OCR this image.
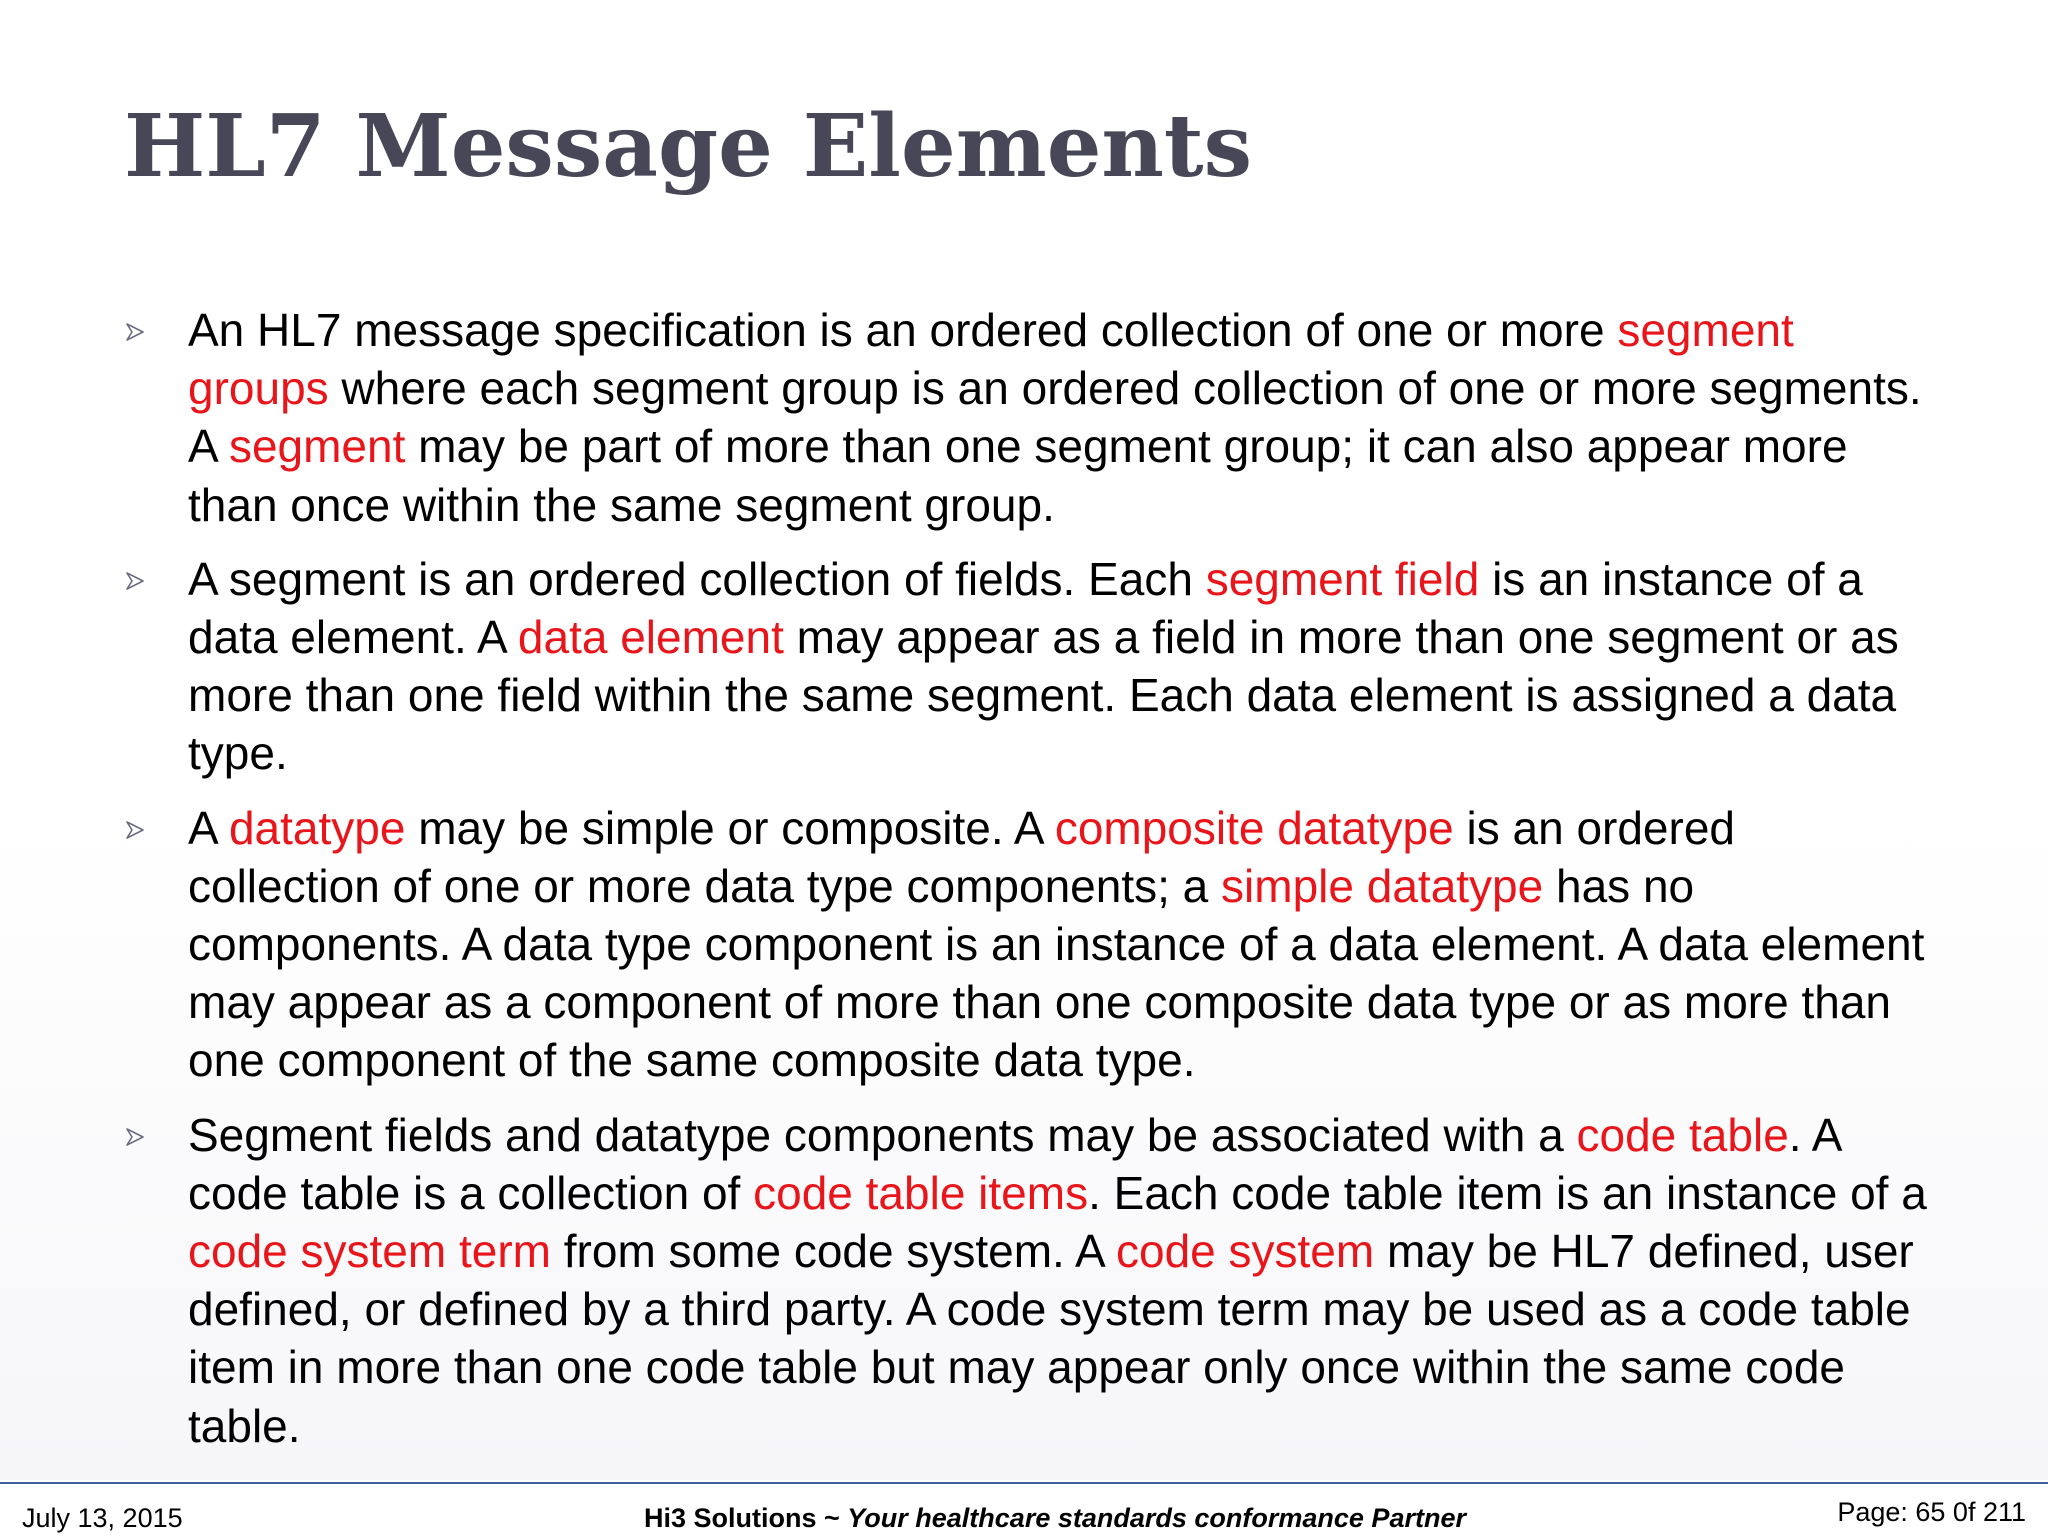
HL7 Message Elements
An HL7 message specification is an ordered collection of one or more segment groups where each segment group is an ordered collection of one or more segments. A segment may be part of more than one segment group; it can also appear more than once within the same segment group.
A segment is an ordered collection of fields. Each segment field is an instance of a data element. A data element may appear as a field in more than one segment or as more than one field within the same segment. Each data element is assigned a data type.
A datatype may be simple or composite. A composite datatype is an ordered collection of one or more data type components; a simple datatype has no components. A data type component is an instance of a data element. A data element may appear as a component of more than one composite data type or as more than one component of the same composite data type.
Segment fields and datatype components may be associated with a code table. A code table is a collection of code table items. Each code table item is an instance of a code system term from some code system. A code system may be HL7 defined, user defined, or defined by a third party. A code system term may be used as a code table item in more than one code table but may appear only once within the same code table.
July 13, 2015	Hi3 Solutions ~ Your healthcare standards conformance Partner	Page: 65 0f 211
